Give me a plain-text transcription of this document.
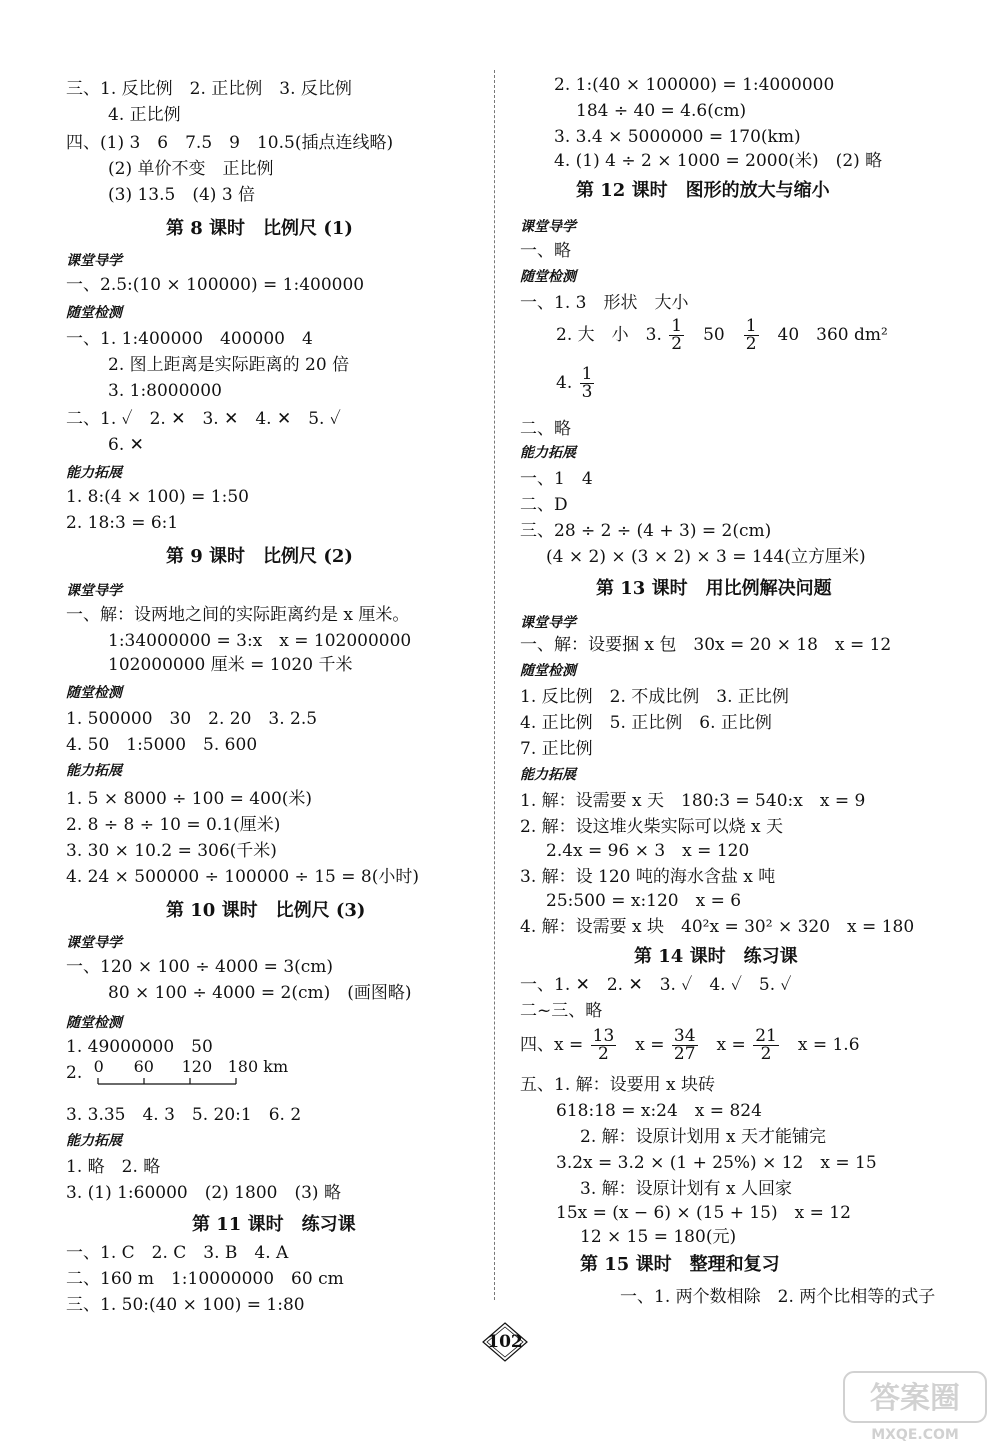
三、1. 反比例　2. 正比例　3. 反比例
4. 正比例
四、(1) 3　6　7.5　9　10.5(插点连线略)
(2) 单价不变　正比例
(3) 13.5　(4) 3 倍
第 8 课时　比例尺 (1)
课堂导学
一、2.5:(10 × 100000) = 1:400000
随堂检测
一、1. 1:400000　400000　4
2. 图上距离是实际距离的 20 倍
3. 1:8000000
二、1. ✓　2. ✕　3. ✕　4. ✕　5. ✓
6. ✕
能力拓展
1. 8:(4 × 100) = 1:50
2. 18:3 = 6:1
第 9 课时　比例尺 (2)
课堂导学
一、解：设两地之间的实际距离约是 x 厘米。
1:34000000 = 3:x　x = 102000000
102000000 厘米 = 1020 千米
随堂检测
1. 500000　30　2. 20　3. 2.5
4. 50　1:5000　5. 600
能力拓展
1. 5 × 8000 ÷ 100 = 400(米)
2. 8 ÷ 8 ÷ 10 = 0.1(厘米)
3. 30 × 10.2 = 306(千米)
4. 24 × 500000 ÷ 100000 ÷ 15 = 8(小时)
第 10 课时　比例尺 (3)
课堂导学
一、120 × 100 ÷ 4000 = 3(cm)
80 × 100 ÷ 4000 = 2(cm)　(画图略)
随堂检测
1. 49000000　50
2. 0 60 120 180 km
3. 3.35　4. 3　5. 20:1　6. 2
能力拓展
1. 略　2. 略
3. (1) 1:60000　(2) 1800　(3) 略
第 11 课时　练习课
一、1. C　2. C　3. B　4. A
二、160 m　1:10000000　60 cm
三、1. 50:(40 × 100) = 1:80
2. 1:(40 × 100000) = 1:4000000
184 ÷ 40 = 4.6(cm)
3. 3.4 × 5000000 = 170(km)
4. (1) 4 ÷ 2 × 1000 = 2000(米)　(2) 略
第 12 课时　图形的放大与缩小
课堂导学
一、略
随堂检测
一、1. 3　形状　大小
2. 大　小　3. $\frac{1}{2}$ 　50　 $\frac{1}{2}$ 　40　360 dm²
4. $\frac{1}{3}$
二、略
能力拓展
一、1　4
二、D
三、28 ÷ 2 ÷ (4 + 3) = 2(cm)
(4 × 2) × (3 × 2) × 3 = 144(立方厘米)
第 13 课时　用比例解决问题
课堂导学
一、解：设要捆 x 包　30x = 20 × 18　x = 12
随堂检测
1. 反比例　2. 不成比例　3. 正比例
4. 正比例　5. 正比例　6. 正比例
7. 正比例
能力拓展
1. 解：设需要 x 天　180:3 = 540:x　x = 9
2. 解：设这堆火柴实际可以烧 x 天
2.4x = 96 × 3　x = 120
3. 解：设 120 吨的海水含盐 x 吨
25:500 = x:120　x = 6
4. 解：设需要 x 块　40²x = 30² × 320　x = 180
第 14 课时　练习课
一、1. ✕　2. ✕　3. ✓　4. ✓　5. ✓
二~三、略
四、$x = \frac{13}{2}$ 　$x = \frac{34}{27}$ 　$x = \frac{21}{2}$ 　x = 1.6
五、1. 解：设要用 x 块砖
618:18 = x:24　x = 824
2. 解：设原计划用 x 天才能铺完
3.2x = 3.2 × (1 + 25%) × 12　x = 15
3. 解：设原计划有 x 人回家
15x = (x − 6) × (15 + 15)　x = 12
12 × 15 = 180(元)
第 15 课时　整理和复习
一、1. 两个数相除　2. 两个比相等的式子
102
答案圈
MXQE.COM
